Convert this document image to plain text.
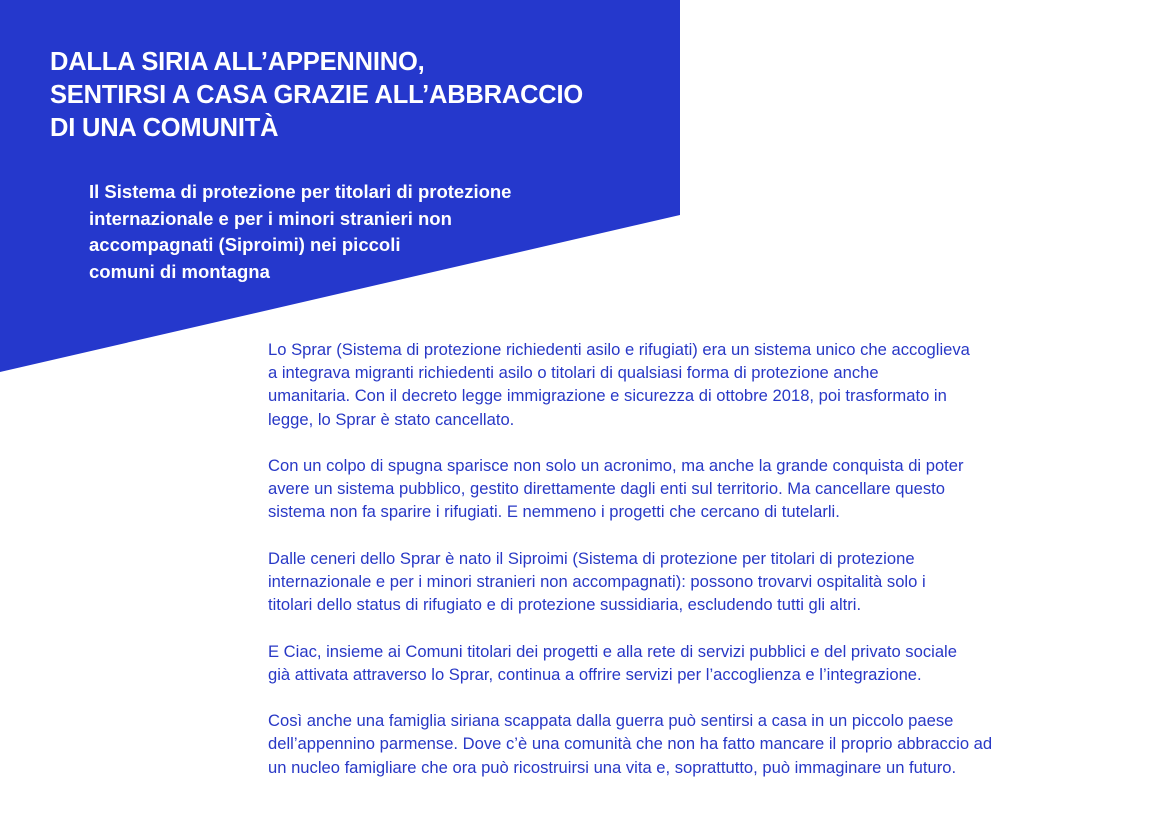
DALLA SIRIA ALL’APPENNINO,
SENTIRSI A CASA GRAZIE ALL’ABBRACCIO
DI UNA COMUNITÀ
Il Sistema di protezione per titolari di protezione
internazionale e per i minori stranieri non
accompagnati (Siproimi) nei piccoli
comuni di montagna

Lo Sprar (Sistema di protezione richiedenti asilo e rifugiati) era un sistema unico che accoglieva
a integrava migranti richiedenti asilo o titolari di qualsiasi forma di protezione anche
umanitaria. Con il decreto legge immigrazione e sicurezza di ottobre 2018, poi trasformato in
legge, lo Sprar è stato cancellato.

Con un colpo di spugna sparisce non solo un acronimo, ma anche la grande conquista di poter
avere un sistema pubblico, gestito direttamente dagli enti sul territorio. Ma cancellare questo
sistema non fa sparire i rifugiati. E nemmeno i progetti che cercano di tutelarli.

Dalle ceneri dello Sprar è nato il Siproimi (Sistema di protezione per titolari di protezione
internazionale e per i minori stranieri non accompagnati): possono trovarvi ospitalità solo i
titolari dello status di rifugiato e di protezione sussidiaria, escludendo tutti gli altri.

E Ciac, insieme ai Comuni titolari dei progetti e alla rete di servizi pubblici e del privato sociale
già attivata attraverso lo Sprar, continua a offrire servizi per l’accoglienza e l’integrazione.

Così anche una famiglia siriana scappata dalla guerra può sentirsi a casa in un piccolo paese
dell’appennino parmense. Dove c’è una comunità che non ha fatto mancare il proprio abbraccio ad
un nucleo famigliare che ora può ricostruirsi una vita e, soprattutto, può immaginare un futuro.
